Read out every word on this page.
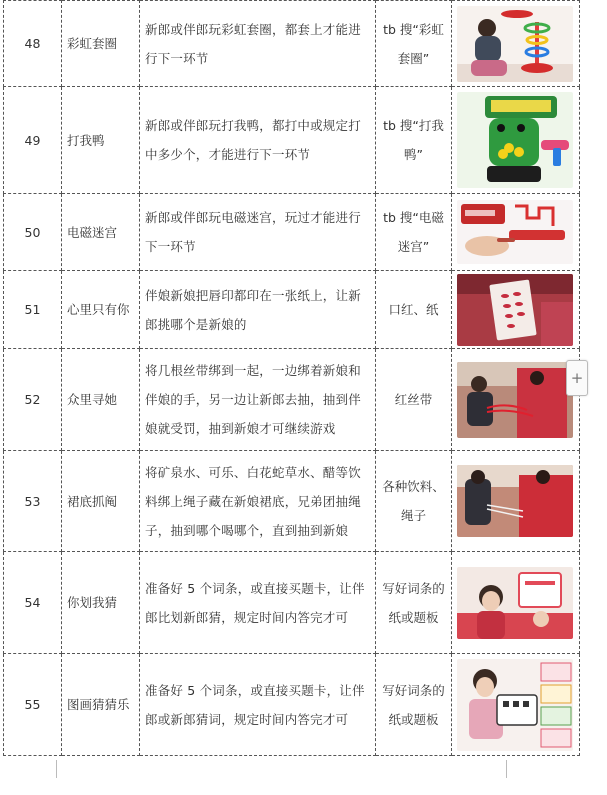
48	彩虹套圈	新郎或伴郎玩彩虹套圈，都套上才能进行下一环节	tb 搜“彩虹套圈”	

49	打我鸭	新郎或伴郎玩打我鸭，都打中或规定打中多少个，才能进行下一环节	tb 搜“打我鸭”	

50	电磁迷宫	新郎或伴郎玩电磁迷宫，玩过才能进行下一环节	tb 搜“电磁迷宫”	

51	心里只有你	伴娘新娘把唇印都印在一张纸上，让新郎挑哪个是新娘的	口红、纸	

52	众里寻她	将几根丝带绑到一起，一边绑着新娘和伴娘的手，另一边让新郎去抽，抽到伴娘就受罚，抽到新娘才可继续游戏	红丝带	

53	裙底抓阄	将矿泉水、可乐、白花蛇草水、醋等饮料绑上绳子藏在新娘裙底，兄弟团抽绳子，抽到哪个喝哪个，直到抽到新娘	各种饮料、绳子	

54	你划我猜	准备好 5 个词条，或直接买题卡，让伴郎比划新郎猜，规定时间内答完才可	写好词条的纸或题板	

55	图画猜猜乐	准备好 5 个词条，或直接买题卡，让伴郎或新郎猜词，规定时间内答完才可	写好词条的纸或题板	
+
